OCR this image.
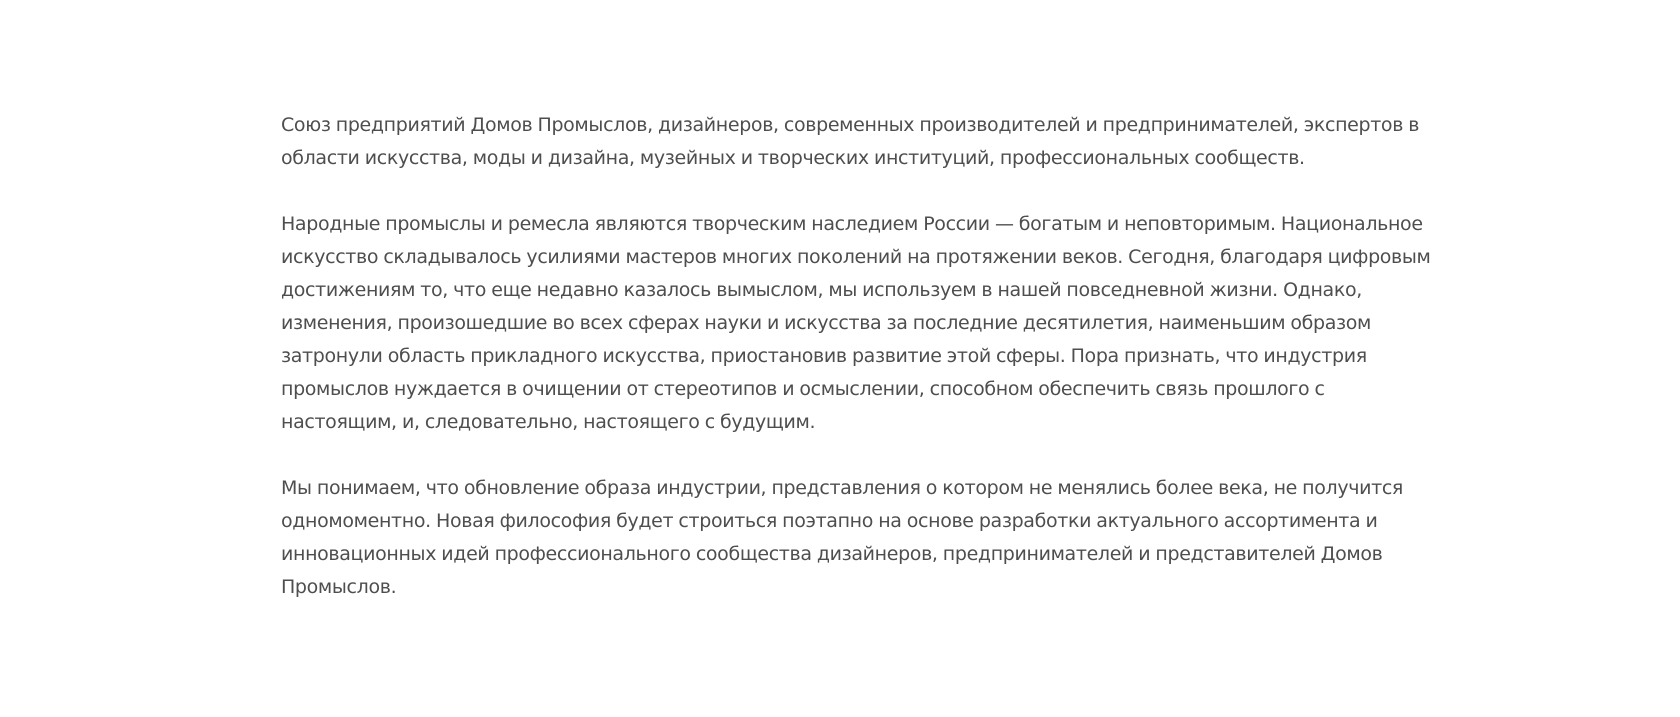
Союз предприятий Домов Промыслов, дизайнеров, современных производителей и предпринимателей, экспертов в
области искусства, моды и дизайна, музейных и творческих институций, профессиональных сообществ.

Народные промыслы и ремесла являются творческим наследием России — богатым и неповторимым. Национальное
искусство складывалось усилиями мастеров многих поколений на протяжении веков. Сегодня, благодаря цифровым
достижениям то, что еще недавно казалось вымыслом, мы используем в нашей повседневной жизни. Однако,
изменения, произошедшие во всех сферах науки и искусства за последние десятилетия, наименьшим образом
затронули область прикладного искусства, приостановив развитие этой сферы. Пора признать, что индустрия
промыслов нуждается в очищении от стереотипов и осмыслении, способном обеспечить связь прошлого с
настоящим, и, следовательно, настоящего с будущим.

Мы понимаем, что обновление образа индустрии, представления о котором не менялись более века, не получится
одномоментно. Новая философия будет строиться поэтапно на основе разработки актуального ассортимента и
инновационных идей профессионального сообщества дизайнеров, предпринимателей и представителей Домов
Промыслов.
